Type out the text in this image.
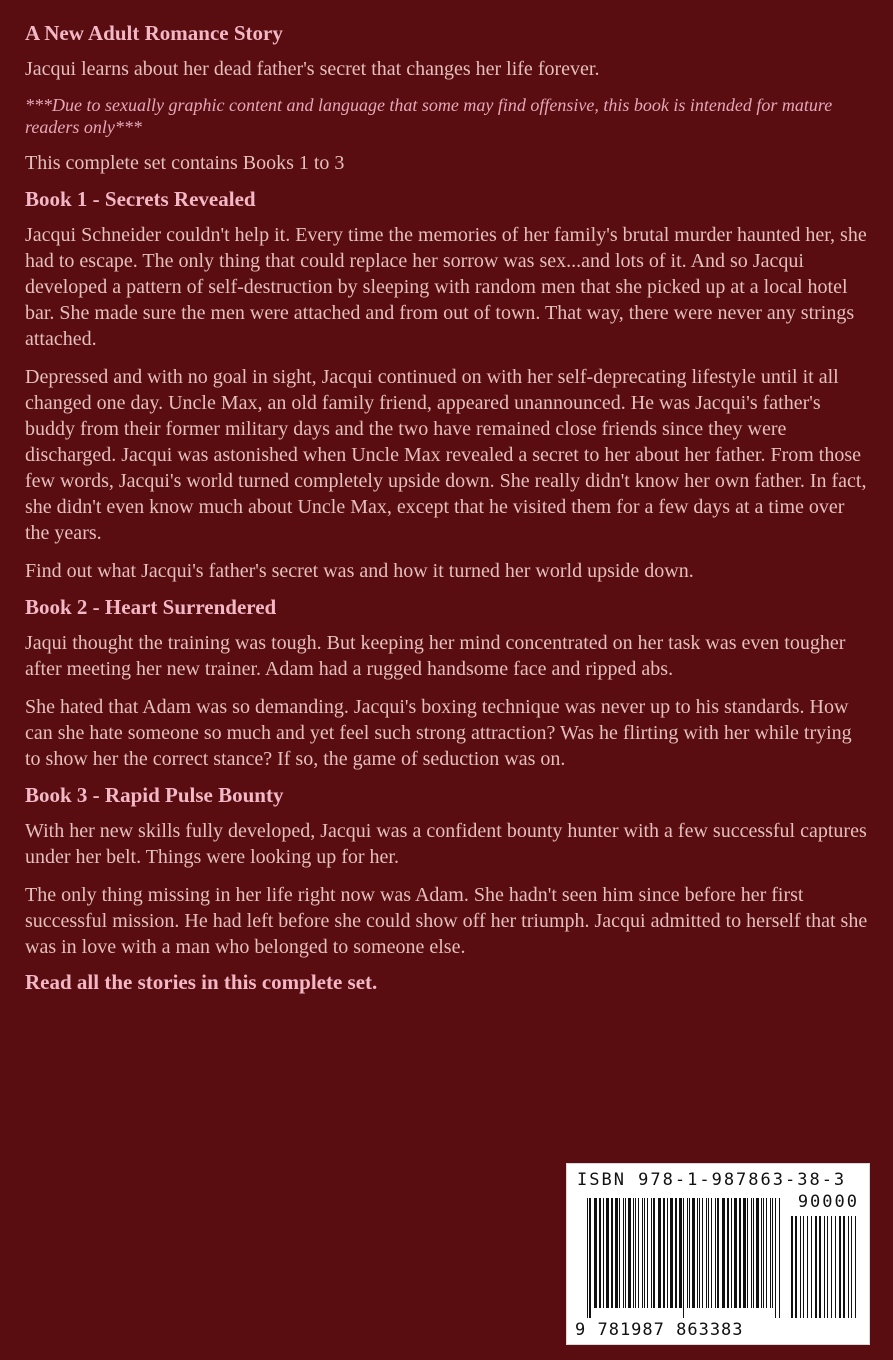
A New Adult Romance Story
Jacqui learns about her dead father's secret that changes her life forever.
***Due to sexually graphic content and language that some may find offensive, this book is intended for mature readers only***
This complete set contains Books 1 to 3
Book 1 - Secrets Revealed
Jacqui Schneider couldn't help it. Every time the memories of her family's brutal murder haunted her, she had to escape. The only thing that could replace her sorrow was sex...and lots of it. And so Jacqui developed a pattern of self-destruction by sleeping with random men that she picked up at a local hotel bar. She made sure the men were attached and from out of town. That way, there were never any strings attached.
Depressed and with no goal in sight, Jacqui continued on with her self-deprecating lifestyle until it all changed one day. Uncle Max, an old family friend, appeared unannounced. He was Jacqui's father's buddy from their former military days and the two have remained close friends since they were discharged. Jacqui was astonished when Uncle Max revealed a secret to her about her father. From those few words, Jacqui's world turned completely upside down. She really didn't know her own father. In fact, she didn't even know much about Uncle Max, except that he visited them for a few days at a time over the years.
Find out what Jacqui's father's secret was and how it turned her world upside down.
Book 2 - Heart Surrendered
Jaqui thought the training was tough. But keeping her mind concentrated on her task was even tougher after meeting her new trainer. Adam had a rugged handsome face and ripped abs.
She hated that Adam was so demanding. Jacqui's boxing technique was never up to his standards. How can she hate someone so much and yet feel such strong attraction? Was he flirting with her while trying to show her the correct stance? If so, the game of seduction was on.
Book 3 - Rapid Pulse Bounty
With her new skills fully developed, Jacqui was a confident bounty hunter with a few successful captures under her belt. Things were looking up for her.
The only thing missing in her life right now was Adam. She hadn't seen him since before her first successful mission. He had left before she could show off her triumph. Jacqui admitted to herself that she was in love with a man who belonged to someone else.
Read all the stories in this complete set.
ISBN 978-1-987863-38-3
90000
9 781987 863383
